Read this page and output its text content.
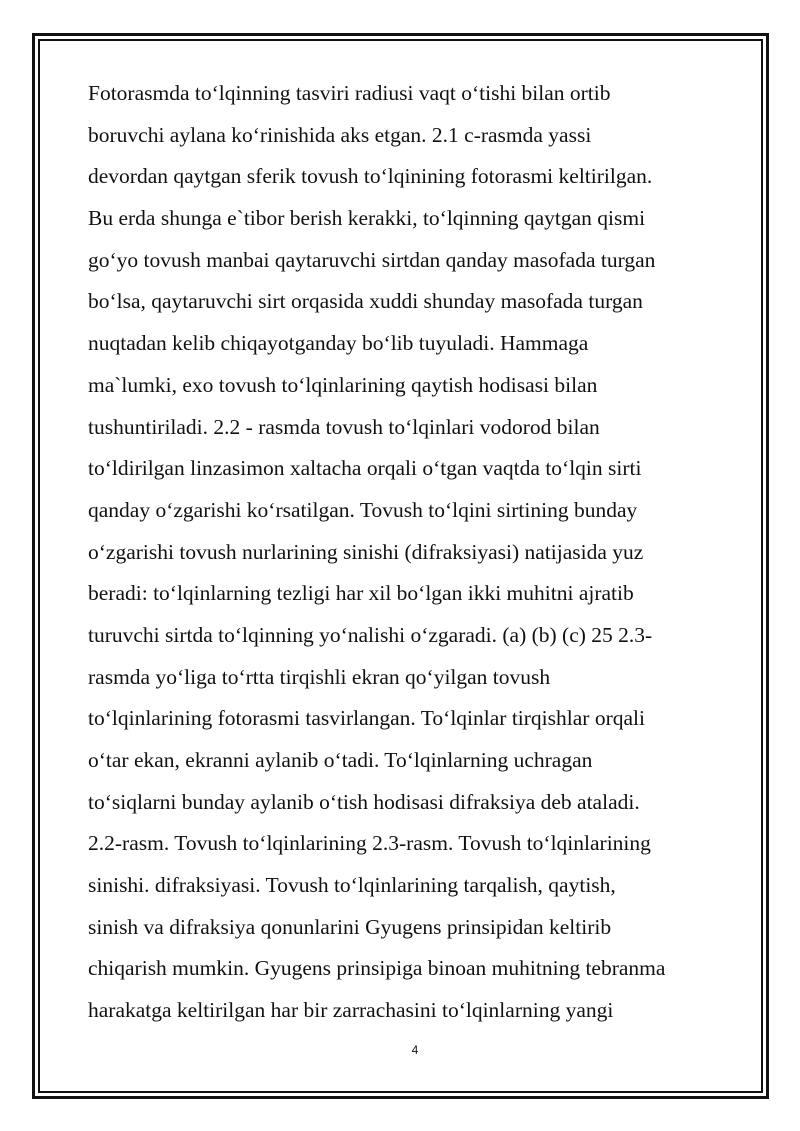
Fotorasmda to‘lqinning tasviri radiusi vaqt o‘tishi bilan ortib
boruvchi aylana ko‘rinishida aks etgan. 2.1 c-rasmda yassi
devordan qaytgan sferik tovush to‘lqinining fotorasmi keltirilgan.
Bu erda shunga e`tibor berish kerakki, to‘lqinning qaytgan qismi
go‘yo tovush manbai qaytaruvchi sirtdan qanday masofada turgan
bo‘lsa, qaytaruvchi sirt orqasida xuddi shunday masofada turgan
nuqtadan kelib chiqayotganday bo‘lib tuyuladi. Hammaga
ma`lumki, exo tovush to‘lqinlarining qaytish hodisasi bilan
tushuntiriladi. 2.2 - rasmda tovush to‘lqinlari vodorod bilan
to‘ldirilgan linzasimon xaltacha orqali o‘tgan vaqtda to‘lqin sirti
qanday o‘zgarishi ko‘rsatilgan. Tovush to‘lqini sirtining bunday
o‘zgarishi tovush nurlarining sinishi (difraksiyasi) natijasida yuz
beradi: to‘lqinlarning tezligi har xil bo‘lgan ikki muhitni ajratib
turuvchi sirtda to‘lqinning yo‘nalishi o‘zgaradi. (a) (b) (c) 25 2.3-
rasmda yo‘liga to‘rtta tirqishli ekran qo‘yilgan tovush
to‘lqinlarining fotorasmi tasvirlangan. To‘lqinlar tirqishlar orqali
o‘tar ekan, ekranni aylanib o‘tadi. To‘lqinlarning uchragan
to‘siqlarni bunday aylanib o‘tish hodisasi difraksiya deb ataladi.
2.2-rasm. Tovush to‘lqinlarining 2.3-rasm. Tovush to‘lqinlarining
sinishi. difraksiyasi. Tovush to‘lqinlarining tarqalish, qaytish,
sinish va difraksiya qonunlarini Gyugens prinsipidan keltirib
chiqarish mumkin. Gyugens prinsipiga binoan muhitning tebranma
harakatga keltirilgan har bir zarrachasini to‘lqinlarning yangi
4
